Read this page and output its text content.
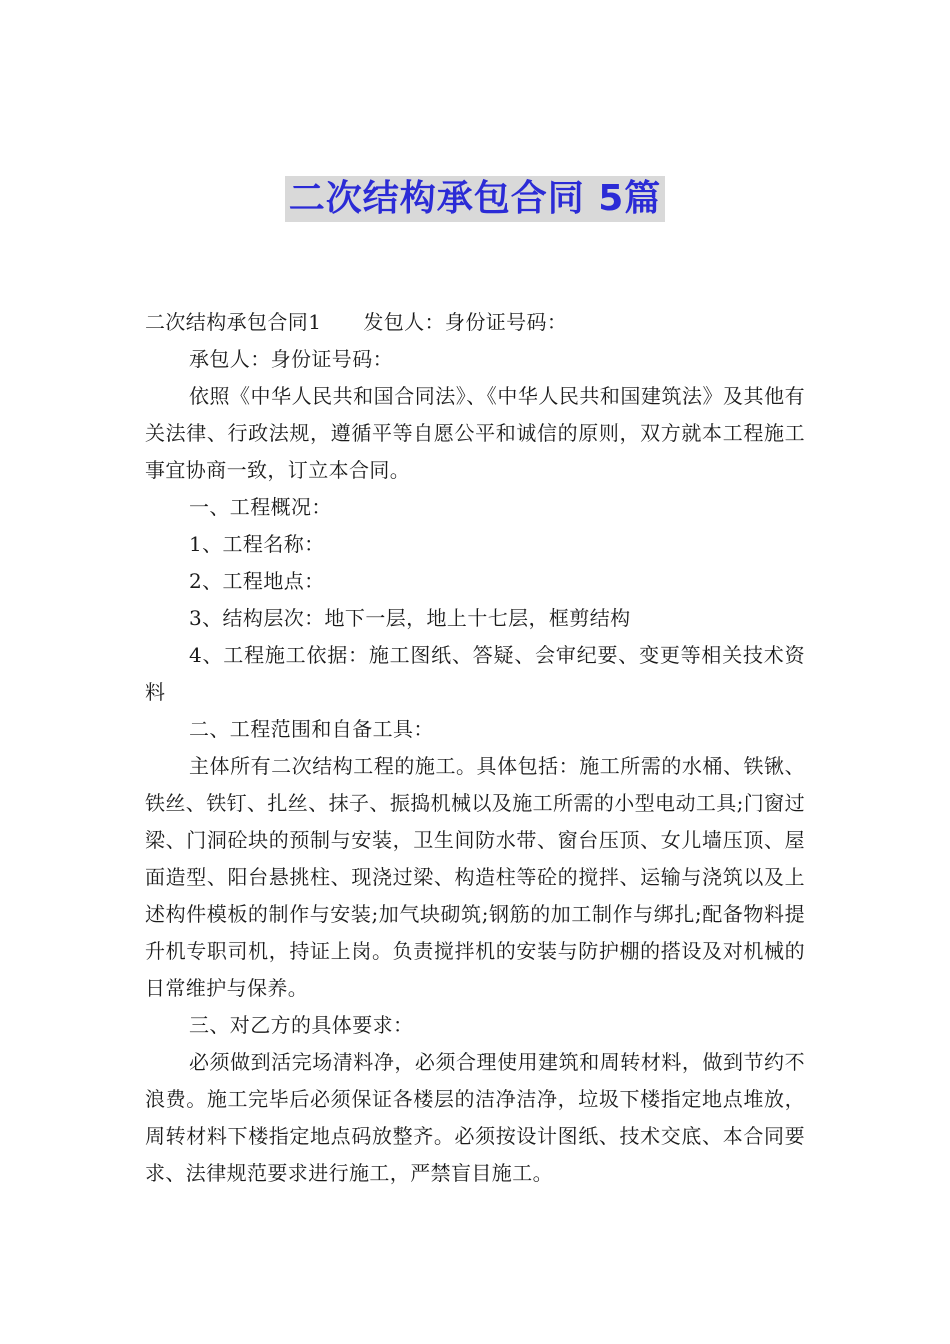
二次结构承包合同 5篇

二次结构承包合同1 发包人：身份证号码：

承包人：身份证号码：

依照《中华人民共和国合同法》、《中华人民共和国建筑法》及其他有关法律、行政法规，遵循平等自愿公平和诚信的原则，双方就本工程施工事宜协商一致，订立本合同。

一、工程概况：

1、工程名称：

2、工程地点：

3、结构层次：地下一层，地上十七层，框剪结构

4、工程施工依据：施工图纸、答疑、会审纪要、变更等相关技术资料

二、工程范围和自备工具：

主体所有二次结构工程的施工。具体包括：施工所需的水桶、铁锹、铁丝、铁钉、扎丝、抹子、振捣机械以及施工所需的小型电动工具;门窗过梁、门洞砼块的预制与安装，卫生间防水带、窗台压顶、女儿墙压顶、屋面造型、阳台悬挑柱、现浇过梁、构造柱等砼的搅拌、运输与浇筑以及上述构件模板的制作与安装;加气块砌筑;钢筋的加工制作与绑扎;配备物料提升机专职司机，持证上岗。负责搅拌机的安装与防护棚的搭设及对机械的日常维护与保养。

三、对乙方的具体要求：

必须做到活完场清料净，必须合理使用建筑和周转材料，做到节约不浪费。施工完毕后必须保证各楼层的洁净洁净，垃圾下楼指定地点堆放，周转材料下楼指定地点码放整齐。必须按设计图纸、技术交底、本合同要求、法律规范要求进行施工，严禁盲目施工。
